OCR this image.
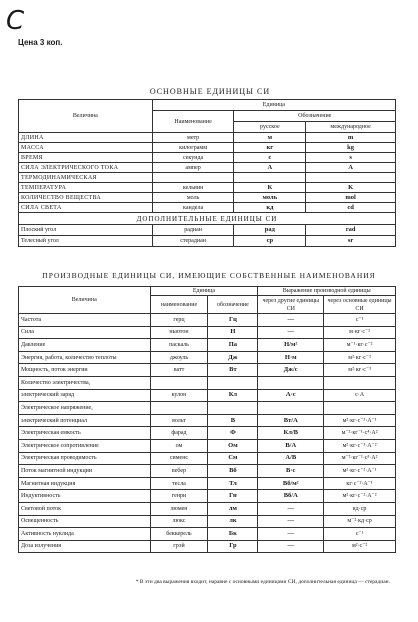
C
Цена 3 коп.
ОСНОВНЫЕ ЕДИНИЦЫ СИ
Величина	Единица		
	Наименование	Обозначение	
		русское	международное
ДЛИНА	метр	м	m
МАССА	килограмм	кг	kg
ВРЕМЯ	секунда	с	s
СИЛА ЭЛЕКТРИЧЕСКОГО ТОКА	ампер	А	A
ТЕРМОДИНАМИЧЕСКАЯ			
ТЕМПЕРАТУРА	кельвин	К	K
КОЛИЧЕСТВО ВЕЩЕСТВА	моль	моль	mol
СИЛА СВЕТА	кандела	кд	cd
ДОПОЛНИТЕЛЬНЫЕ ЕДИНИЦЫ СИ			
Плоский угол	радиан	рад	rad
Телесный угол	стерадиан	ср	sr
ПРОИЗВОДНЫЕ ЕДИНИЦЫ СИ, ИМЕЮЩИЕ СОБСТВЕННЫЕ НАИМЕНОВАНИЯ
Величина	Единица		Выражение производной единицы	
	наименование	обозначение	через другие единицы СИ	через основные единицы СИ

Частота	герц	Гц	—	с⁻¹
Сила	ньютон	Н	—	м·кг·с⁻²
Давление	паскаль	Па	Н/м²	м⁻¹·кг·с⁻²
Энергия, работа, количество теплоты	джоуль	Дж	Н·м	м²·кг·с⁻²
Мощность, поток энергии	ватт	Вт	Дж/с	м²·кг·с⁻³
Количество электричества,				
электрический заряд	кулон	Кл	А·с	с·А
Электрическое напряжение,				
электрический потенциал	вольт	В	Вт/А	м²·кг·с⁻³·А⁻¹
Электрическая емкость	фарад	Ф	Кл/В	м⁻²·кг⁻¹·с⁴·А²
Электрическое сопротивление	ом	Ом	В/А	м²·кг·с⁻³·А⁻²
Электрическая проводимость	сименс	См	А/В	м⁻²·кг⁻¹·с³·А²
Поток магнитной индукции	вебер	Вб	В·с	м²·кг·с⁻²·А⁻¹
Магнитная индукция	тесла	Тл	Вб/м²	кг·с⁻²·А⁻¹
Индуктивность	генри	Гн	Вб/А	м²·кг·с⁻²·А⁻²
Световой поток	люмен	лм	—	кд·ср
Освещенность	люкс	лк	—	м⁻²·кд·ср
Активность нуклида	беккерель	Бк	—	с⁻¹
Доза излучения	грэй	Гр	—	м²·с⁻²
* В эти два выражения входит, наравне с основными единицами СИ, дополнительная единица — стерадиан.
